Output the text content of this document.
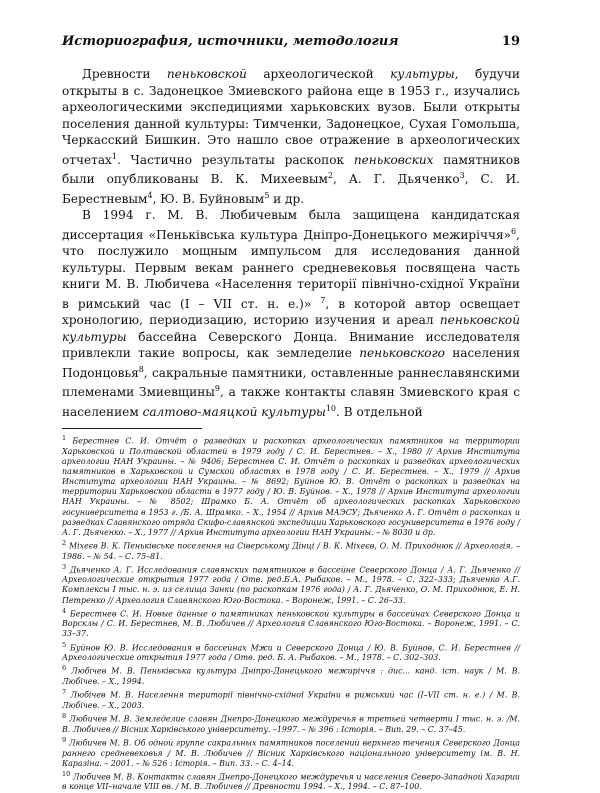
Историография, источники, методология	19

Древности пеньковской археологической культуры, будучи открыты в с. Задонецкое Змиевского района еще в 1953 г., изучались археологическими экспедициями харьковских вузов. Были открыты поселения данной культуры: Тимченки, Задонецкое, Сухая Гомольша, Черкасский Бишкин. Это нашло свое отражение в археологических отчетах$^1$. Частично результаты раскопок пеньковских памятников были опубликованы В. К. Михеевым$^2$, А. Г. Дьяченко$^3$, С. И. Берестневым$^4$, Ю. В. Буйновым$^5$ и др.

В 1994 г. М. В. Любичевым была защищена кандидатская диссертация «Пеньківська культура Дніпро-Донецького межиріччя»$^6$, что послужило мощным импульсом для исследования данной культуры. Первым векам раннего средневековья посвящена часть книги М. В. Любичева «Населення території північно-східної України в римський час (I – VII ст. н. е.)» $^7$, в которой автор освещает хронологию, периодизацию, историю изучения и ареал пеньковской культуры бассейна Северского Донца. Внимание исследователя привлекли такие вопросы, как земледелие пеньковского населения Подонцовья$^8$, сакральные памятники, оставленные раннеславянскими племенами Змиевщины$^9$, а также контакты славян Змиевского края с населением салтово-маяцкой культуры$^{10}$. В отдельной

$^1$ Берестнев С. И. Отчёт о разведках и раскопках археологических памятников на территории Харьковской и Полтавской областей в 1979 году / С. И. Берестнев. – Х., 1980 // Архив Института археологии НАН Украины. – № 9406; Берестнев С. И. Отчёт о раскопках и разведках археологических памятников в Харьковской и Сумской областях в 1978 году / С. И. Берестнев. – Х., 1979 // Архив Института археологии НАН Украины. – № 8692; Буйнов Ю. В. Отчёт о раскопках и разведках на территории Харьковской области в 1977 году / Ю. В. Буйнов. – Х., 1978 // Архив Института археологии НАН Украины. – № 8502; Шрамко Б. А. Отчёт об археологических раскопках Харьковского госуниверситета в 1953 г. /Б. А. Шрамко. – Х., 1954 // Архив МАЭСУ; Дьяченко А. Г. Отчёт о раскопках и разведках Славянского отряда Скифо-славянской экспедиции Харьковского госуниверситета в 1976 году / А. Г. Дьяченко. – Х., 1977 // Архив Института археологии НАН Украины. – № 8030 и др.
$^2$ Міхеєв В. К. Пеньківське поселення на Сіверському Дінці / В. К. Міхеєв, О. М. Приходнюк // Археологія. – 1986. – № 54. – С. 75–81.
$^3$ Дьяченко А. Г. Исследования славянских памятников в бассейне Северского Донца / А. Г. Дьяченко //Археологические открытия 1977 года / Отв. ред.Б.А. Рыбаков. – М., 1978. – С. 322–333; Дьяченко А.Г. Комплексы I тыс. н. э. из селища Занки (по раскопкам 1976 года) / А. Г. Дьяченко, О. М. Приходнюк, Е. Н. Петренко // Археология Славянского Юго-Востока. – Воронеж, 1991. – С. 26–33.
$^4$ Берестнев С. И. Новые данные о памятниках пеньковской культуры в бассейнах Северского Донца и Ворсклы / С. И. Берестнев, М. В. Любичев // Археология Славянского Юго-Востока. – Воронеж, 1991. – С. 33–37.
$^5$ Буйнов Ю. В. Исследования в бассейнах Мжи и Северского Донца / Ю. В. Буйнов, С. И. Берестнев //Археологические открытия 1977 года / Отв. ред. Б. А. Рыбаков. – М., 1978. – С. 302–303.
$^6$ Любічев М. В. Пеньківська культура Дніпро-Донецького межиріччя : дис... канд. іст. наук / М. В. Любічев. – Х., 1994.
$^7$ Любічев М. В. Населення території північно-східної України в римський час (I–VII ст. н. е.) / М. В. Любічев. – Х., 2003.
$^8$ Любичев М. В. Земледелие славян Днепро-Донецкого междуречья в третьей четверти I тыс. н. э. /М. В. Любичев // Вісник Харківського університету. –1997. – № 396 : Історія. – Вип. 29. – С. 37–45.
$^9$ Любичев М. В. Об одной группе сакральных памятников поселений верхнего течения Северского Донца раннего средневековья / М. В. Любичев // Вісник Харківського національного університету ім. В. Н. Каразіна. – 2001. – № 526 : Історія. – Вип. 33. – С. 4–14.
$^{10}$ Любичев М. В. Контакты славян Днепро-Донецкого междуречья и населения Северо-Западной Хазарии в конце VII–начале VIII вв. / М. В. Любичев // Древности 1994. – Х., 1994. – С. 87–100.
